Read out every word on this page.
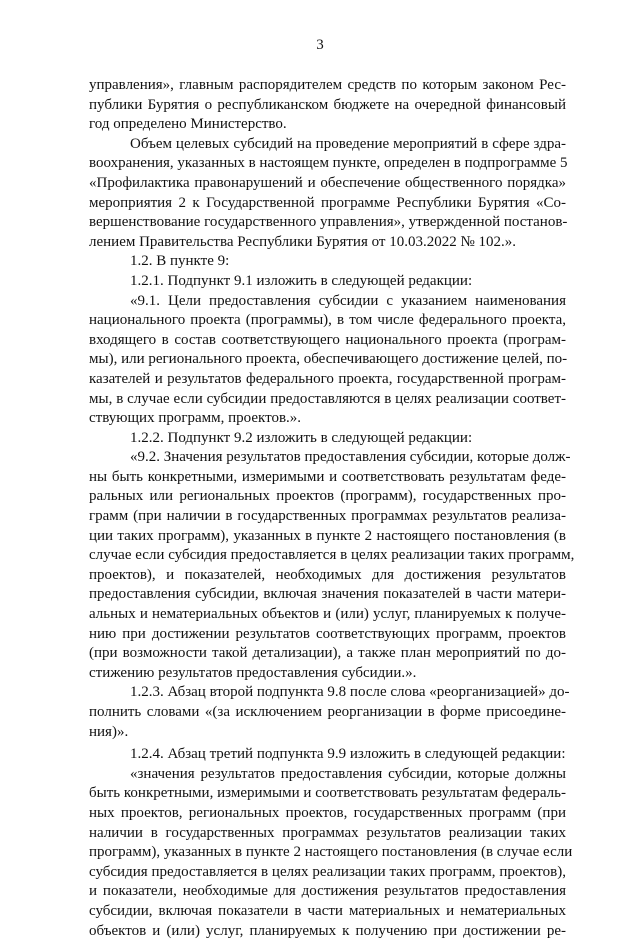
3
управления», главным распорядителем средств по которым законом Рес-
публики Бурятия о республиканском бюджете на очередной финансовый
год определено Министерство.
Объем целевых субсидий на проведение мероприятий в сфере здра-
воохранения, указанных в настоящем пункте, определен в подпрограмме 5
«Профилактика правонарушений и обеспечение общественного порядка»
мероприятия 2 к Государственной программе Республики Бурятия «Со-
вершенствование государственного управления», утвержденной постанов-
лением Правительства Республики Бурятия от 10.03.2022 № 102.».
1.2. В пункте 9:
1.2.1. Подпункт 9.1 изложить в следующей редакции:
«9.1. Цели предоставления субсидии с указанием наименования
национального проекта (программы), в том числе федерального проекта,
входящего в состав соответствующего национального проекта (програм-
мы), или регионального проекта, обеспечивающего достижение целей, по-
казателей и результатов федерального проекта, государственной програм-
мы, в случае если субсидии предоставляются в целях реализации соответ-
ствующих программ, проектов.».
1.2.2. Подпункт 9.2 изложить в следующей редакции:
«9.2. Значения результатов предоставления субсидии, которые долж-
ны быть конкретными, измеримыми и соответствовать результатам феде-
ральных или региональных проектов (программ), государственных про-
грамм (при наличии в государственных программах результатов реализа-
ции таких программ), указанных в пункте 2 настоящего постановления (в
случае если субсидия предоставляется в целях реализации таких программ,
проектов), и показателей, необходимых для достижения результатов
предоставления субсидии, включая значения показателей в части матери-
альных и нематериальных объектов и (или) услуг, планируемых к получе-
нию при достижении результатов соответствующих программ, проектов
(при возможности такой детализации), а также план мероприятий по до-
стижению результатов предоставления субсидии.».
1.2.3. Абзац второй подпункта 9.8 после слова «реорганизацией» до-
полнить словами «(за исключением реорганизации в форме присоедине-
ния)».
1.2.4. Абзац третий подпункта 9.9 изложить в следующей редакции:
«значения результатов предоставления субсидии, которые должны
быть конкретными, измеримыми и соответствовать результатам федераль-
ных проектов, региональных проектов, государственных программ (при
наличии в государственных программах результатов реализации таких
программ), указанных в пункте 2 настоящего постановления (в случае если
субсидия предоставляется в целях реализации таких программ, проектов),
и показатели, необходимые для достижения результатов предоставления
субсидии, включая показатели в части материальных и нематериальных
объектов и (или) услуг, планируемых к получению при достижении ре-
